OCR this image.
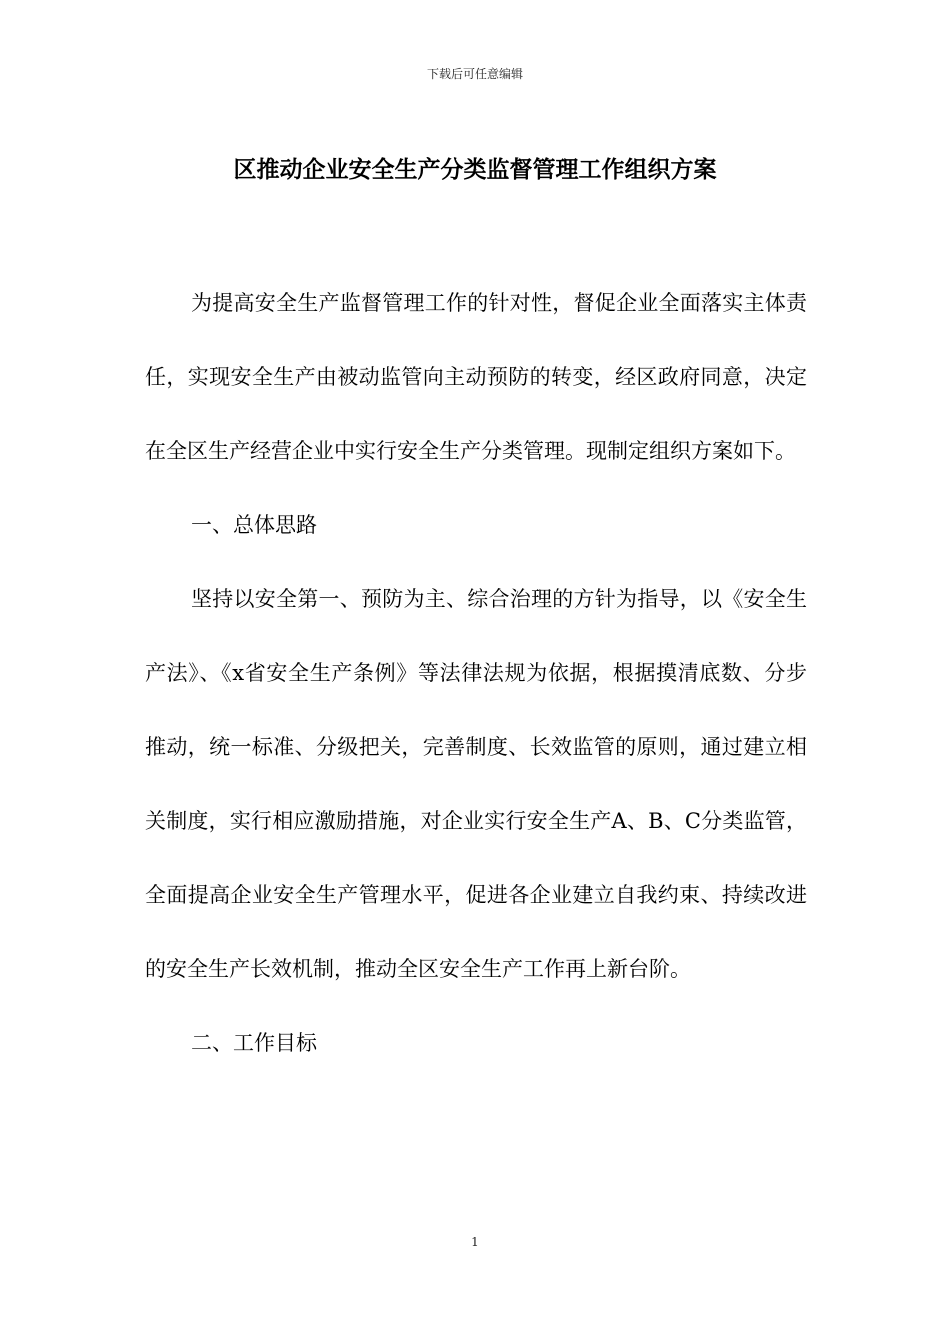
下载后可任意编辑
区推动企业安全生产分类监督管理工作组织方案

为提高安全生产监督管理工作的针对性，督促企业全面落实主体责任，实现安全生产由被动监管向主动预防的转变，经区政府同意，决定在全区生产经营企业中实行安全生产分类管理。现制定组织方案如下。

一、总体思路

坚持以安全第一、预防为主、综合治理的方针为指导，以《安全生产法》、《x省安全生产条例》等法律法规为依据，根据摸清底数、分步推动，统一标准、分级把关，完善制度、长效监管的原则，通过建立相关制度，实行相应激励措施，对企业实行安全生产A、B、C分类监管，全面提高企业安全生产管理水平，促进各企业建立自我约束、持续改进的安全生产长效机制，推动全区安全生产工作再上新台阶。

二、工作目标

1
